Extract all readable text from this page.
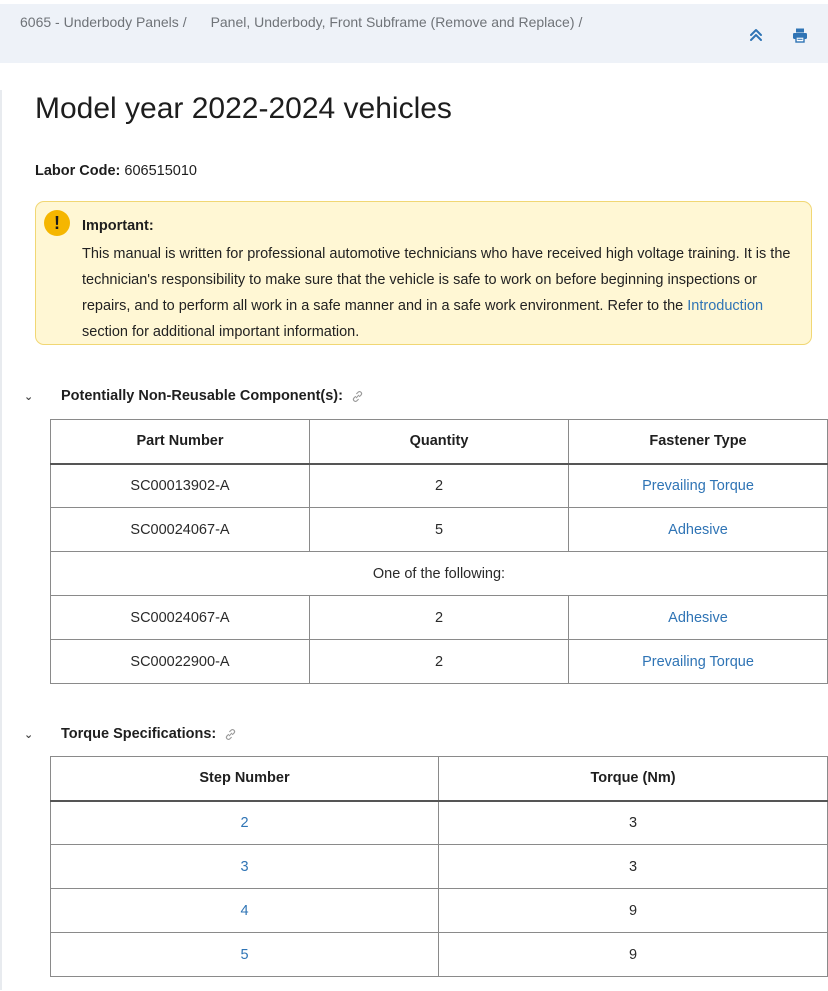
6065 - Underbody Panels / Panel, Underbody, Front Subframe (Remove and Replace) /
Model year 2022-2024 vehicles
Labor Code: 606515010
!	Important:
This manual is written for professional automotive technicians who have received high voltage training. It is the technician's responsibility to make sure that the vehicle is safe to work on before beginning inspections or repairs, and to perform all work in a safe manner and in a safe work environment. Refer to the Introduction section for additional important information.
⌄	Potentially Non-Reusable Component(s):
Part Number	Quantity	Fastener Type
SC00013902-A	2	Prevailing Torque
SC00024067-A	5	Adhesive
One of the following:		
SC00024067-A	2	Adhesive
SC00022900-A	2	Prevailing Torque
⌄	Torque Specifications:
Step Number	Torque (Nm)
2	3
3	3
4	9
5	9
